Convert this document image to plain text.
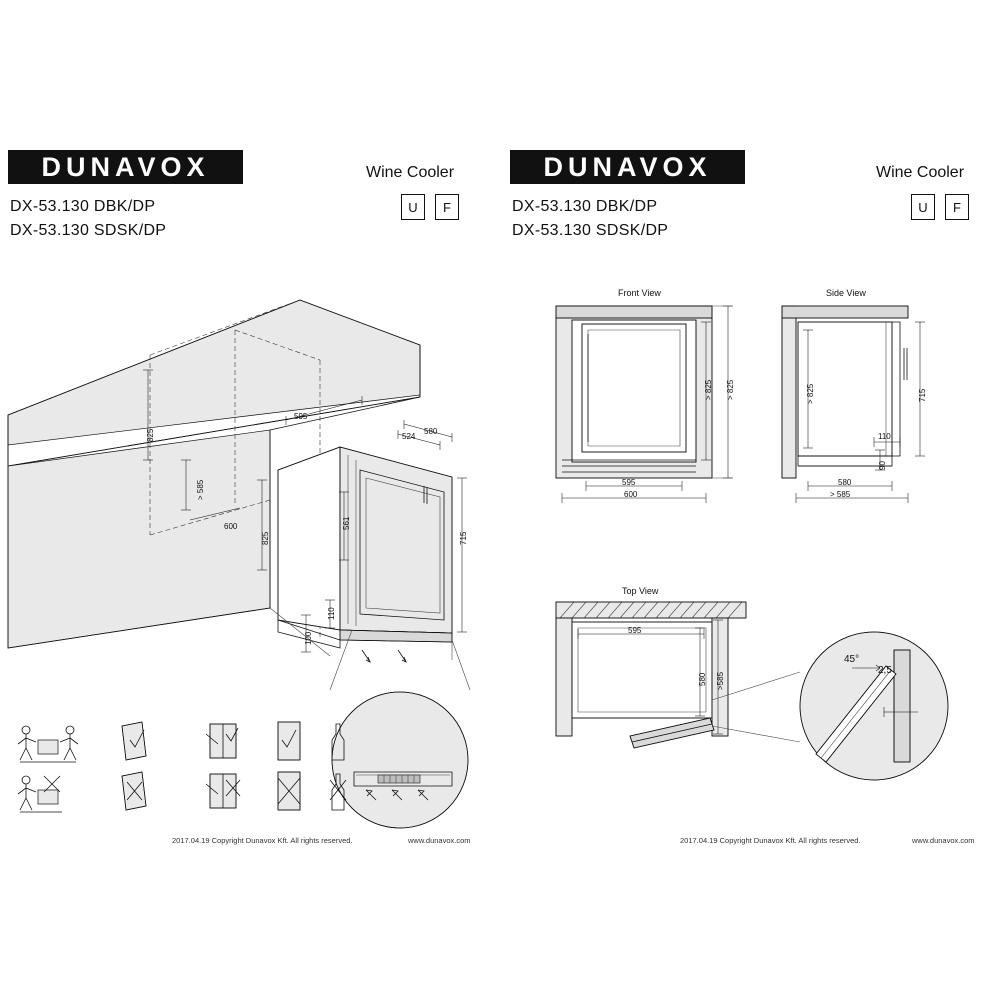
DUNAVOX
DX-53.130 DBK/DP
DX-53.130 SDSK/DP
Wine Cooler
U	F
825
> 585
595
600
825
524
580
715
561
110
100
2017.04.19 Copyright Dunavox Kft. All rights reserved.	www.dunavox.com
DUNAVOX
DX-53.130 DBK/DP
DX-53.130 SDSK/DP
Wine Cooler
U	F
Front View	Side View
Top View
> 825
> 825
595
600
715
> 825
110
90
580
> 585
595
580 >585
45°
2,5
2017.04.19 Copyright Dunavox Kft. All rights reserved.	www.dunavox.com
